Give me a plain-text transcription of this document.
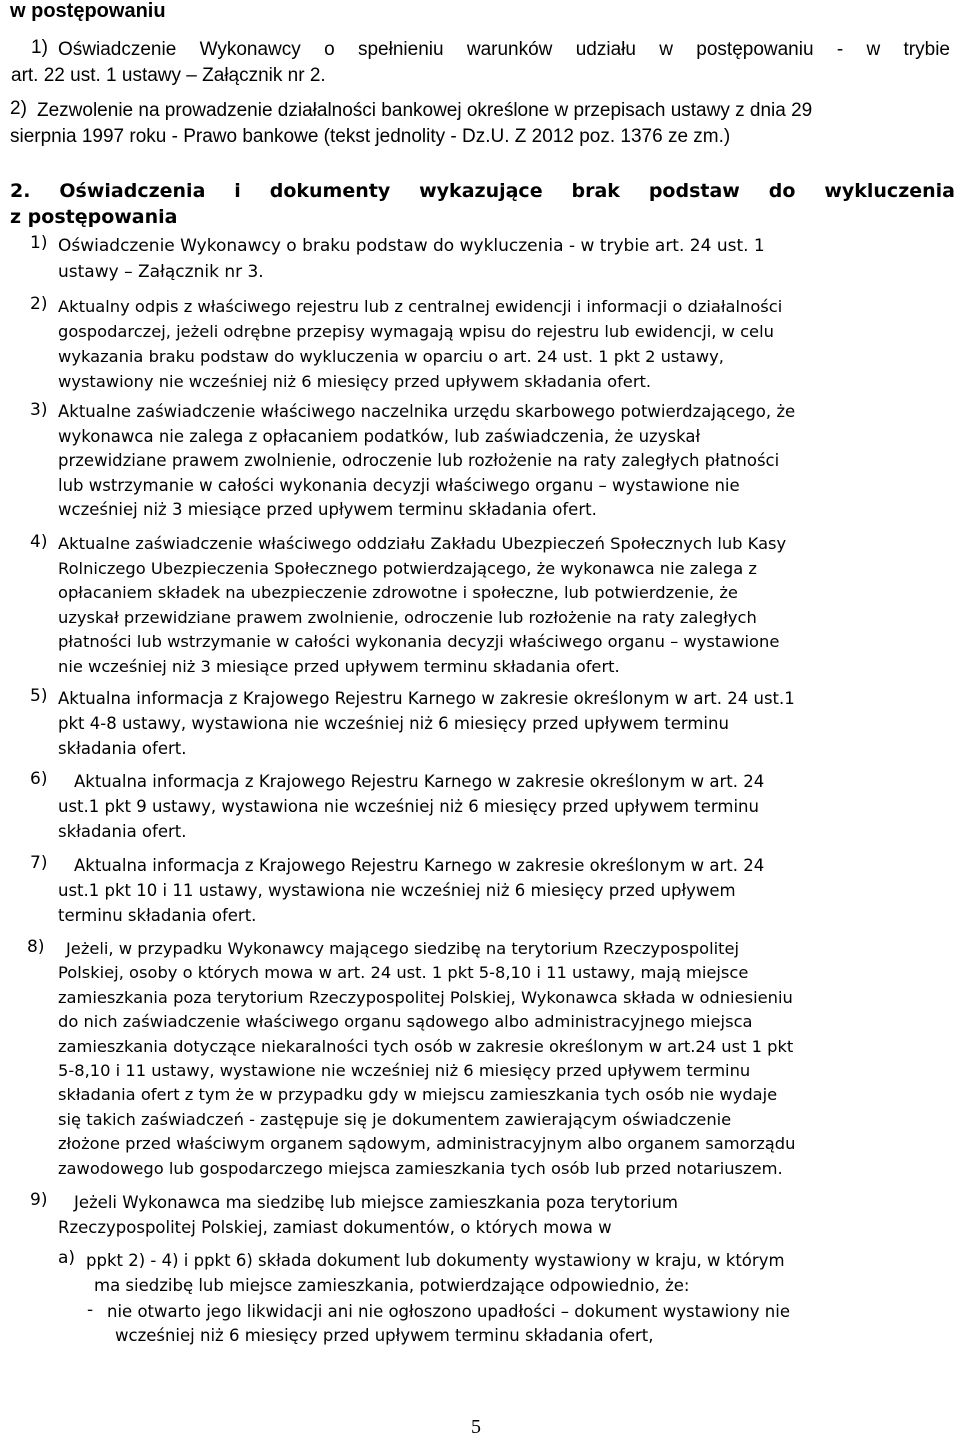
w postępowaniu
1) Oświadczenie Wykonawcy o spełnieniu warunków udziału w postępowaniu - w trybie
art. 22 ust. 1 ustawy – Załącznik nr 2.
2) Zezwolenie na prowadzenie działalności bankowej określone w przepisach ustawy z dnia 29
sierpnia 1997 roku - Prawo bankowe (tekst jednolity - Dz.U. Z 2012 poz. 1376 ze zm.)
2. Oświadczenia i dokumenty wykazujące brak podstaw do wykluczenia
z postępowania
1) Oświadczenie Wykonawcy o braku podstaw do wykluczenia - w trybie art. 24 ust. 1
ustawy – Załącznik nr 3.
2) Aktualny odpis z właściwego rejestru lub z centralnej ewidencji i informacji o działalności
gospodarczej, jeżeli odrębne przepisy wymagają wpisu do rejestru lub ewidencji, w celu
wykazania braku podstaw do wykluczenia w oparciu o art. 24 ust. 1 pkt 2 ustawy,
wystawiony nie wcześniej niż 6 miesięcy przed upływem składania ofert.
3) Aktualne zaświadczenie właściwego naczelnika urzędu skarbowego potwierdzającego, że
wykonawca nie zalega z opłacaniem podatków, lub zaświadczenia, że uzyskał
przewidziane prawem zwolnienie, odroczenie lub rozłożenie na raty zaległych płatności
lub wstrzymanie w całości wykonania decyzji właściwego organu – wystawione nie
wcześniej niż 3 miesiące przed upływem terminu składania ofert.
4) Aktualne zaświadczenie właściwego oddziału Zakładu Ubezpieczeń Społecznych lub Kasy
Rolniczego Ubezpieczenia Społecznego potwierdzającego, że wykonawca nie zalega z
opłacaniem składek na ubezpieczenie zdrowotne i społeczne, lub potwierdzenie, że
uzyskał przewidziane prawem zwolnienie, odroczenie lub rozłożenie na raty zaległych
płatności lub wstrzymanie w całości wykonania decyzji właściwego organu – wystawione
nie wcześniej niż 3 miesiące przed upływem terminu składania ofert.
5) Aktualna informacja z Krajowego Rejestru Karnego w zakresie określonym w art. 24 ust.1
pkt 4-8 ustawy, wystawiona nie wcześniej niż 6 miesięcy przed upływem terminu
składania ofert.
6)	Aktualna informacja z Krajowego Rejestru Karnego w zakresie określonym w art. 24
ust.1 pkt 9 ustawy, wystawiona nie wcześniej niż 6 miesięcy przed upływem terminu
składania ofert.
7)	Aktualna informacja z Krajowego Rejestru Karnego w zakresie określonym w art. 24
ust.1 pkt 10 i 11 ustawy, wystawiona nie wcześniej niż 6 miesięcy przed upływem
terminu składania ofert.
8)	Jeżeli, w przypadku Wykonawcy mającego siedzibę na terytorium Rzeczypospolitej
Polskiej, osoby o których mowa w art. 24 ust. 1 pkt 5-8,10 i 11 ustawy, mają miejsce
zamieszkania poza terytorium Rzeczypospolitej Polskiej, Wykonawca składa w odniesieniu
do nich zaświadczenie właściwego organu sądowego albo administracyjnego miejsca
zamieszkania dotyczące niekaralności tych osób w zakresie określonym w art.24 ust 1 pkt
5-8,10 i 11 ustawy, wystawione nie wcześniej niż 6 miesięcy przed upływem terminu
składania ofert z tym że w przypadku gdy w miejscu zamieszkania tych osób nie wydaje
się takich zaświadczeń - zastępuje się je dokumentem zawierającym oświadczenie
złożone przed właściwym organem sądowym, administracyjnym albo organem samorządu
zawodowego lub gospodarczego miejsca zamieszkania tych osób lub przed notariuszem.
9)	Jeżeli Wykonawca ma siedzibę lub miejsce zamieszkania poza terytorium
Rzeczypospolitej Polskiej, zamiast dokumentów, o których mowa w
a) ppkt 2) - 4) i ppkt 6) składa dokument lub dokumenty wystawiony w kraju, w którym
ma siedzibę lub miejsce zamieszkania, potwierdzające odpowiednio, że:
- nie otwarto jego likwidacji ani nie ogłoszono upadłości – dokument wystawiony nie
wcześniej niż 6 miesięcy przed upływem terminu składania ofert,
5
